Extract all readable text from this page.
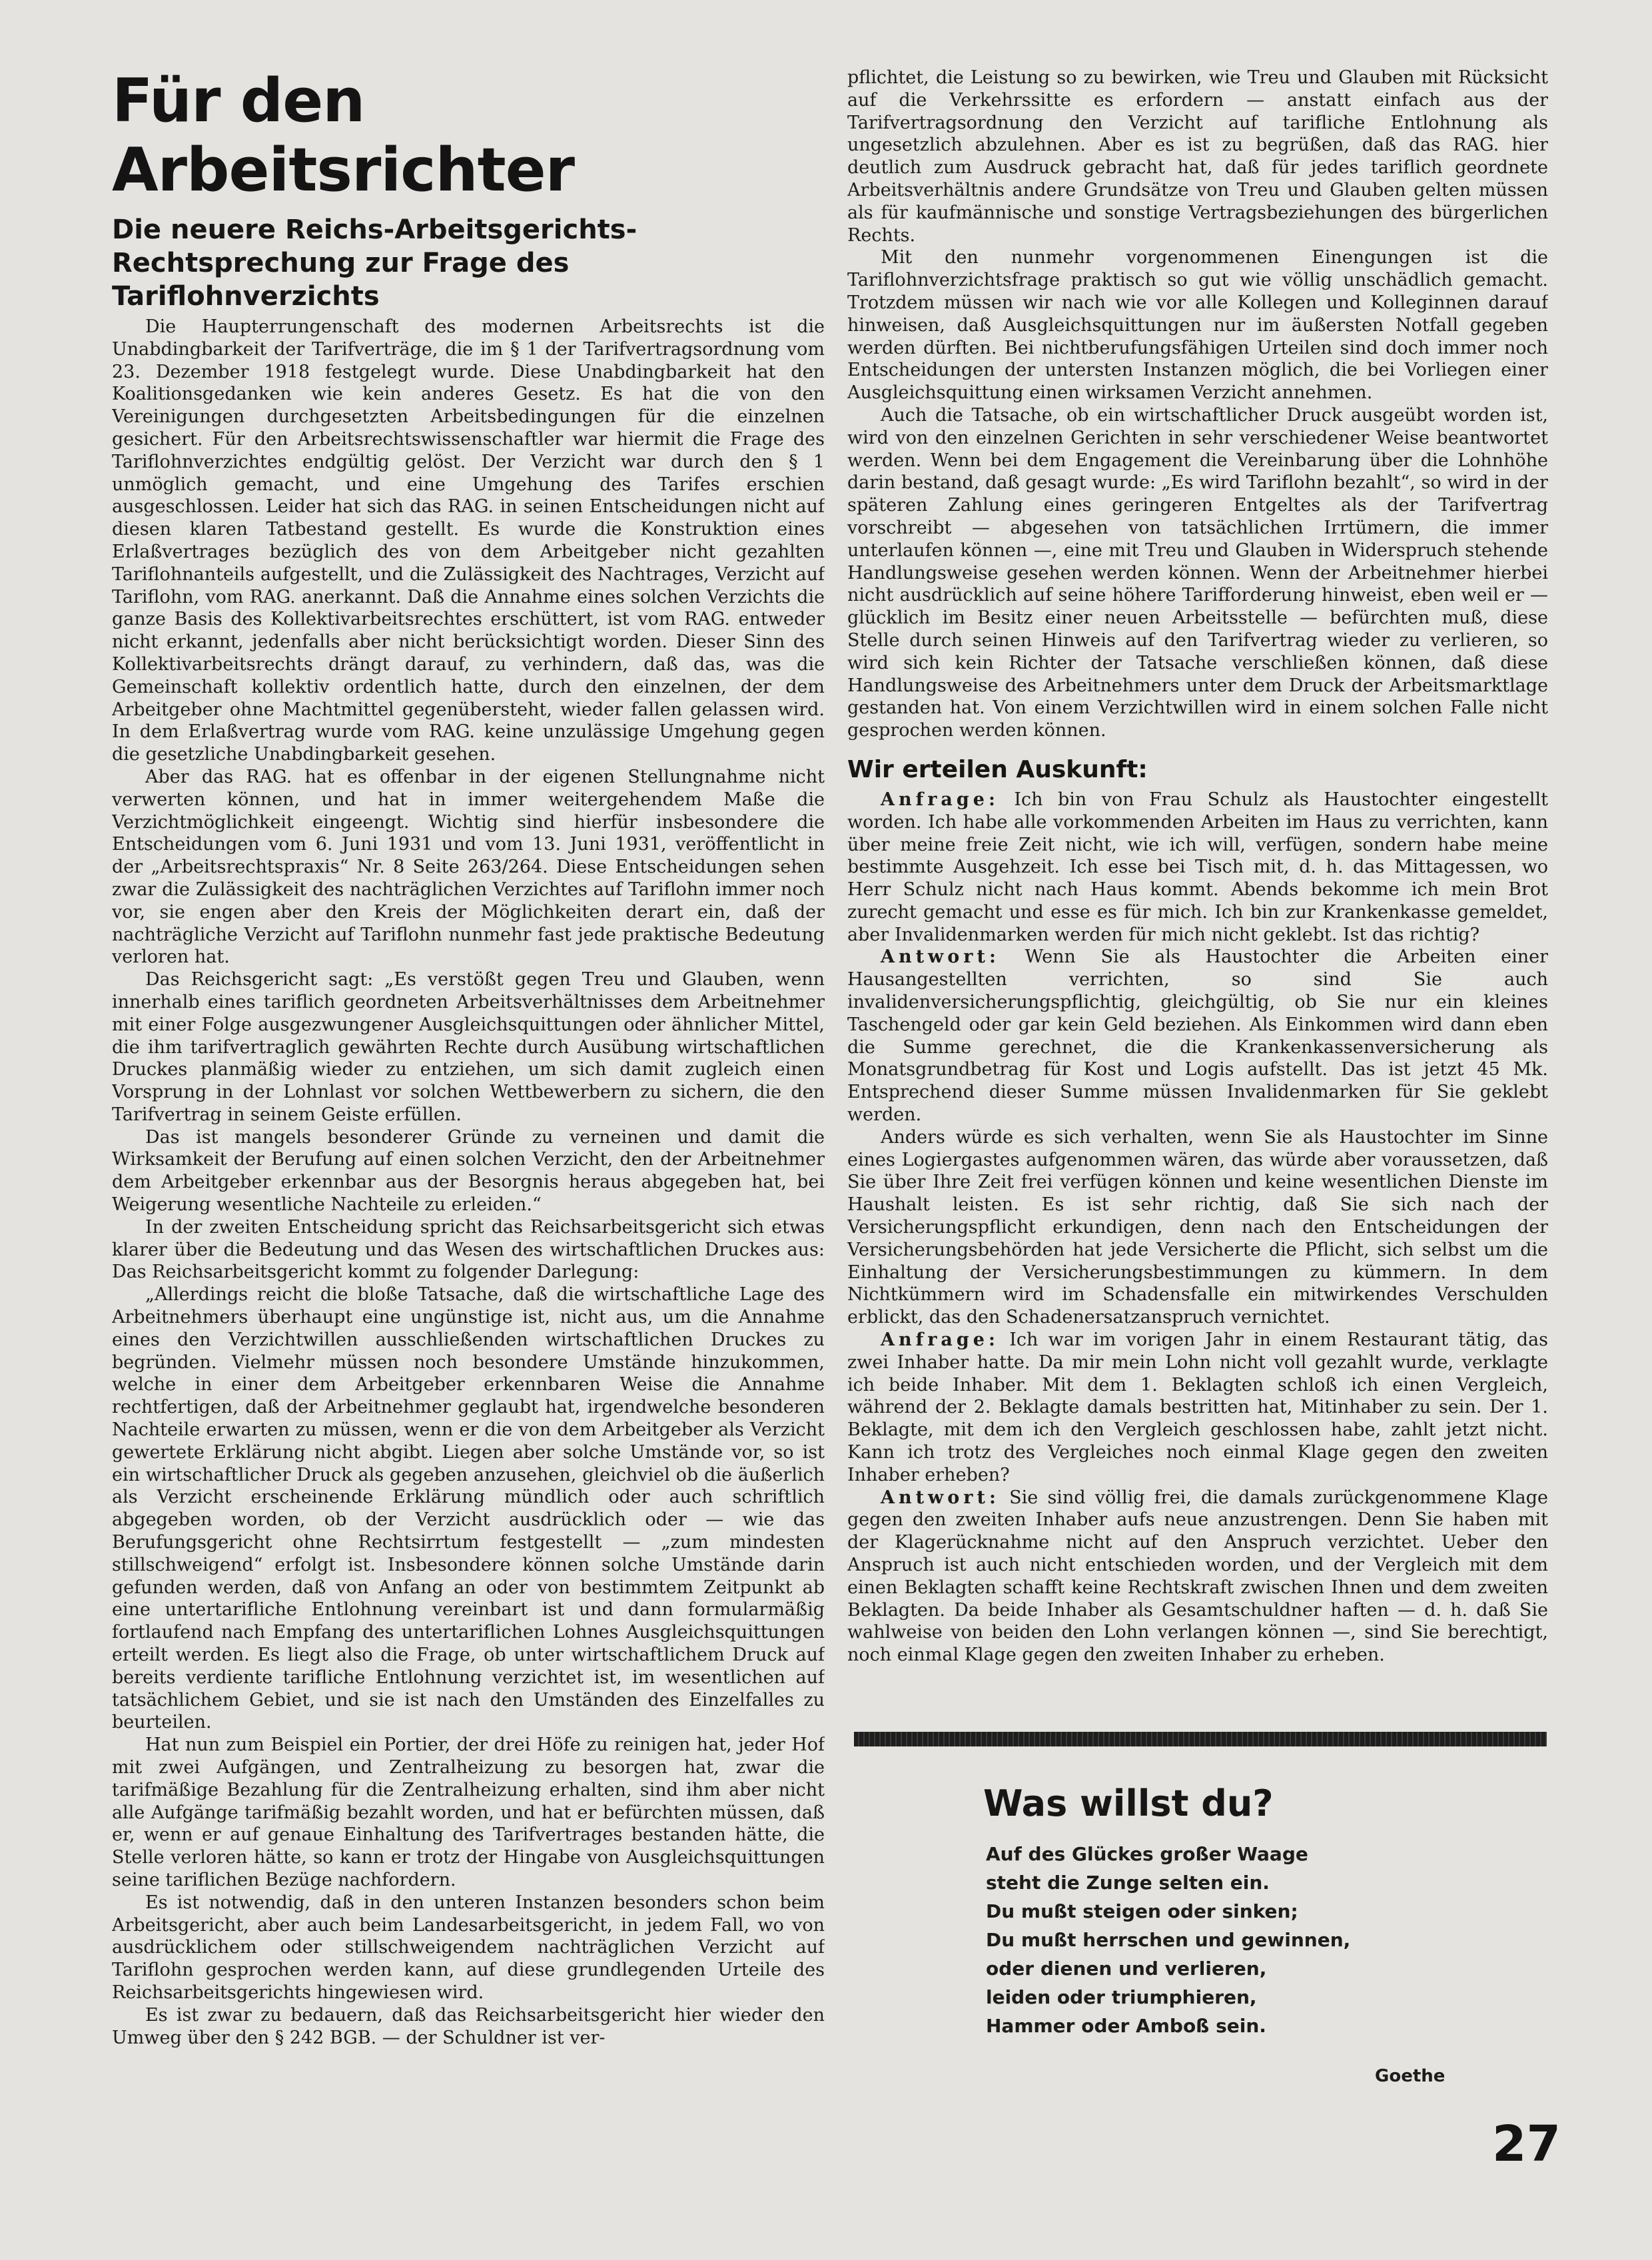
Für den Arbeitsrichter
Die neuere Reichs-Arbeitsgerichts-Rechtsprechung zur Frage des Tariflohnverzichts

Die Haupterrungenschaft des modernen Arbeitsrechts ist die Unabdingbarkeit der Tarifverträge, die im § 1 der Tarifvertragsordnung vom 23. Dezember 1918 festgelegt wurde. Diese Unabdingbarkeit hat den Koalitionsgedanken wie kein anderes Gesetz. Es hat die von den Vereinigungen durchgesetzten Arbeitsbedingungen für die einzelnen gesichert. Für den Arbeitsrechtswissenschaftler war hiermit die Frage des Tariflohnverzichtes endgültig gelöst. Der Verzicht war durch den § 1 unmöglich gemacht, und eine Umgehung des Tarifes erschien ausgeschlossen. Leider hat sich das RAG. in seinen Entscheidungen nicht auf diesen klaren Tatbestand gestellt. Es wurde die Konstruktion eines Erlaßvertrages bezüglich des von dem Arbeitgeber nicht gezahlten Tariflohnanteils aufgestellt, und die Zulässigkeit des Nachtrages, Verzicht auf Tariflohn, vom RAG. anerkannt. Daß die Annahme eines solchen Verzichts die ganze Basis des Kollektivarbeitsrechtes erschüttert, ist vom RAG. entweder nicht erkannt, jedenfalls aber nicht berücksichtigt worden. Dieser Sinn des Kollektivarbeitsrechts drängt darauf, zu verhindern, daß das, was die Gemeinschaft kollektiv ordentlich hatte, durch den einzelnen, der dem Arbeitgeber ohne Machtmittel gegenübersteht, wieder fallen gelassen wird. In dem Erlaßvertrag wurde vom RAG. keine unzulässige Umgehung gegen die gesetzliche Unabdingbarkeit gesehen.

Aber das RAG. hat es offenbar in der eigenen Stellungnahme nicht verwerten können, und hat in immer weitergehendem Maße die Verzichtmöglichkeit eingeengt. Wichtig sind hierfür insbesondere die Entscheidungen vom 6. Juni 1931 und vom 13. Juni 1931, veröffentlicht in der „Arbeitsrechtspraxis“ Nr. 8 Seite 263/264. Diese Entscheidungen sehen zwar die Zulässigkeit des nachträglichen Verzichtes auf Tariflohn immer noch vor, sie engen aber den Kreis der Möglichkeiten derart ein, daß der nachträgliche Verzicht auf Tariflohn nunmehr fast jede praktische Bedeutung verloren hat.

Das Reichsgericht sagt: „Es verstößt gegen Treu und Glauben, wenn innerhalb eines tariflich geordneten Arbeitsverhältnisses dem Arbeitnehmer mit einer Folge ausgezwungener Ausgleichsquittungen oder ähnlicher Mittel, die ihm tarifvertraglich gewährten Rechte durch Ausübung wirtschaftlichen Druckes planmäßig wieder zu entziehen, um sich damit zugleich einen Vorsprung in der Lohnlast vor solchen Wettbewerbern zu sichern, die den Tarifvertrag in seinem Geiste erfüllen.

Das ist mangels besonderer Gründe zu verneinen und damit die Wirksamkeit der Berufung auf einen solchen Verzicht, den der Arbeitnehmer dem Arbeitgeber erkennbar aus der Besorgnis heraus abgegeben hat, bei Weigerung wesentliche Nachteile zu erleiden.“

In der zweiten Entscheidung spricht das Reichsarbeitsgericht sich etwas klarer über die Bedeutung und das Wesen des wirtschaftlichen Druckes aus: Das Reichsarbeitsgericht kommt zu folgender Darlegung:

„Allerdings reicht die bloße Tatsache, daß die wirtschaftliche Lage des Arbeitnehmers überhaupt eine ungünstige ist, nicht aus, um die Annahme eines den Verzichtwillen ausschließenden wirtschaftlichen Druckes zu begründen. Vielmehr müssen noch besondere Umstände hinzukommen, welche in einer dem Arbeitgeber erkennbaren Weise die Annahme rechtfertigen, daß der Arbeitnehmer geglaubt hat, irgendwelche besonderen Nachteile erwarten zu müssen, wenn er die von dem Arbeitgeber als Verzicht gewertete Erklärung nicht abgibt. Liegen aber solche Umstände vor, so ist ein wirtschaftlicher Druck als gegeben anzusehen, gleichviel ob die äußerlich als Verzicht erscheinende Erklärung mündlich oder auch schriftlich abgegeben worden, ob der Verzicht ausdrücklich oder — wie das Berufungsgericht ohne Rechtsirrtum festgestellt — „zum mindesten stillschweigend“ erfolgt ist. Insbesondere können solche Umstände darin gefunden werden, daß von Anfang an oder von bestimmtem Zeitpunkt ab eine untertarifliche Entlohnung vereinbart ist und dann formularmäßig fortlaufend nach Empfang des untertariflichen Lohnes Ausgleichsquittungen erteilt werden. Es liegt also die Frage, ob unter wirtschaftlichem Druck auf bereits verdiente tarifliche Entlohnung verzichtet ist, im wesentlichen auf tatsächlichem Gebiet, und sie ist nach den Umständen des Einzelfalles zu beurteilen.

Hat nun zum Beispiel ein Portier, der drei Höfe zu reinigen hat, jeder Hof mit zwei Aufgängen, und Zentralheizung zu besorgen hat, zwar die tarifmäßige Bezahlung für die Zentralheizung erhalten, sind ihm aber nicht alle Aufgänge tarifmäßig bezahlt worden, und hat er befürchten müssen, daß er, wenn er auf genaue Einhaltung des Tarifvertrages bestanden hätte, die Stelle verloren hätte, so kann er trotz der Hingabe von Ausgleichsquittungen seine tariflichen Bezüge nachfordern.

Es ist notwendig, daß in den unteren Instanzen besonders schon beim Arbeitsgericht, aber auch beim Landesarbeitsgericht, in jedem Fall, wo von ausdrücklichem oder stillschweigendem nachträglichen Verzicht auf Tariflohn gesprochen werden kann, auf diese grundlegenden Urteile des Reichsarbeitsgerichts hingewiesen wird.

Es ist zwar zu bedauern, daß das Reichsarbeitsgericht hier wieder den Umweg über den § 242 BGB. — der Schuldner ist ver-

pflichtet, die Leistung so zu bewirken, wie Treu und Glauben mit Rücksicht auf die Verkehrssitte es erfordern — anstatt einfach aus der Tarifvertragsordnung den Verzicht auf tarifliche Entlohnung als ungesetzlich abzulehnen. Aber es ist zu begrüßen, daß das RAG. hier deutlich zum Ausdruck gebracht hat, daß für jedes tariflich geordnete Arbeitsverhältnis andere Grundsätze von Treu und Glauben gelten müssen als für kaufmännische und sonstige Vertragsbeziehungen des bürgerlichen Rechts.

Mit den nunmehr vorgenommenen Einengungen ist die Tariflohnverzichtsfrage praktisch so gut wie völlig unschädlich gemacht. Trotzdem müssen wir nach wie vor alle Kollegen und Kolleginnen darauf hinweisen, daß Ausgleichsquittungen nur im äußersten Notfall gegeben werden dürften. Bei nichtberufungsfähigen Urteilen sind doch immer noch Entscheidungen der untersten Instanzen möglich, die bei Vorliegen einer Ausgleichsquittung einen wirksamen Verzicht annehmen.

Auch die Tatsache, ob ein wirtschaftlicher Druck ausgeübt worden ist, wird von den einzelnen Gerichten in sehr verschiedener Weise beantwortet werden. Wenn bei dem Engagement die Vereinbarung über die Lohnhöhe darin bestand, daß gesagt wurde: „Es wird Tariflohn bezahlt“, so wird in der späteren Zahlung eines geringeren Entgeltes als der Tarifvertrag vorschreibt — abgesehen von tatsächlichen Irrtümern, die immer unterlaufen können —, eine mit Treu und Glauben in Widerspruch stehende Handlungsweise gesehen werden können. Wenn der Arbeitnehmer hierbei nicht ausdrücklich auf seine höhere Tarifforderung hinweist, eben weil er — glücklich im Besitz einer neuen Arbeitsstelle — befürchten muß, diese Stelle durch seinen Hinweis auf den Tarifvertrag wieder zu verlieren, so wird sich kein Richter der Tatsache verschließen können, daß diese Handlungsweise des Arbeitnehmers unter dem Druck der Arbeitsmarktlage gestanden hat. Von einem Verzichtwillen wird in einem solchen Falle nicht gesprochen werden können.

Wir erteilen Auskunft:

Anfrage: Ich bin von Frau Schulz als Haustochter eingestellt worden. Ich habe alle vorkommenden Arbeiten im Haus zu verrichten, kann über meine freie Zeit nicht, wie ich will, verfügen, sondern habe meine bestimmte Ausgehzeit. Ich esse bei Tisch mit, d. h. das Mittagessen, wo Herr Schulz nicht nach Haus kommt. Abends bekomme ich mein Brot zurecht gemacht und esse es für mich. Ich bin zur Krankenkasse gemeldet, aber Invalidenmarken werden für mich nicht geklebt. Ist das richtig?

Antwort: Wenn Sie als Haustochter die Arbeiten einer Hausangestellten verrichten, so sind Sie auch invalidenversicherungspflichtig, gleichgültig, ob Sie nur ein kleines Taschengeld oder gar kein Geld beziehen. Als Einkommen wird dann eben die Summe gerechnet, die die Krankenkassenversicherung als Monatsgrundbetrag für Kost und Logis aufstellt. Das ist jetzt 45 Mk. Entsprechend dieser Summe müssen Invalidenmarken für Sie geklebt werden.

Anders würde es sich verhalten, wenn Sie als Haustochter im Sinne eines Logiergastes aufgenommen wären, das würde aber voraussetzen, daß Sie über Ihre Zeit frei verfügen können und keine wesentlichen Dienste im Haushalt leisten. Es ist sehr richtig, daß Sie sich nach der Versicherungspflicht erkundigen, denn nach den Entscheidungen der Versicherungsbehörden hat jede Versicherte die Pflicht, sich selbst um die Einhaltung der Versicherungsbestimmungen zu kümmern. In dem Nichtkümmern wird im Schadensfalle ein mitwirkendes Verschulden erblickt, das den Schadenersatzanspruch vernichtet.

Anfrage: Ich war im vorigen Jahr in einem Restaurant tätig, das zwei Inhaber hatte. Da mir mein Lohn nicht voll gezahlt wurde, verklagte ich beide Inhaber. Mit dem 1. Beklagten schloß ich einen Vergleich, während der 2. Beklagte damals bestritten hat, Mitinhaber zu sein. Der 1. Beklagte, mit dem ich den Vergleich geschlossen habe, zahlt jetzt nicht. Kann ich trotz des Vergleiches noch einmal Klage gegen den zweiten Inhaber erheben?

Antwort: Sie sind völlig frei, die damals zurückgenommene Klage gegen den zweiten Inhaber aufs neue anzustrengen. Denn Sie haben mit der Klagerücknahme nicht auf den Anspruch verzichtet. Ueber den Anspruch ist auch nicht entschieden worden, und der Vergleich mit dem einen Beklagten schafft keine Rechtskraft zwischen Ihnen und dem zweiten Beklagten. Da beide Inhaber als Gesamtschuldner haften — d. h. daß Sie wahlweise von beiden den Lohn verlangen können —, sind Sie berechtigt, noch einmal Klage gegen den zweiten Inhaber zu erheben.

Was willst du?
Auf des Glückes großer Waage
steht die Zunge selten ein.
Du mußt steigen oder sinken;
Du mußt herrschen und gewinnen,
oder dienen und verlieren,
leiden oder triumphieren,
Hammer oder Amboß sein.
Goethe
27
